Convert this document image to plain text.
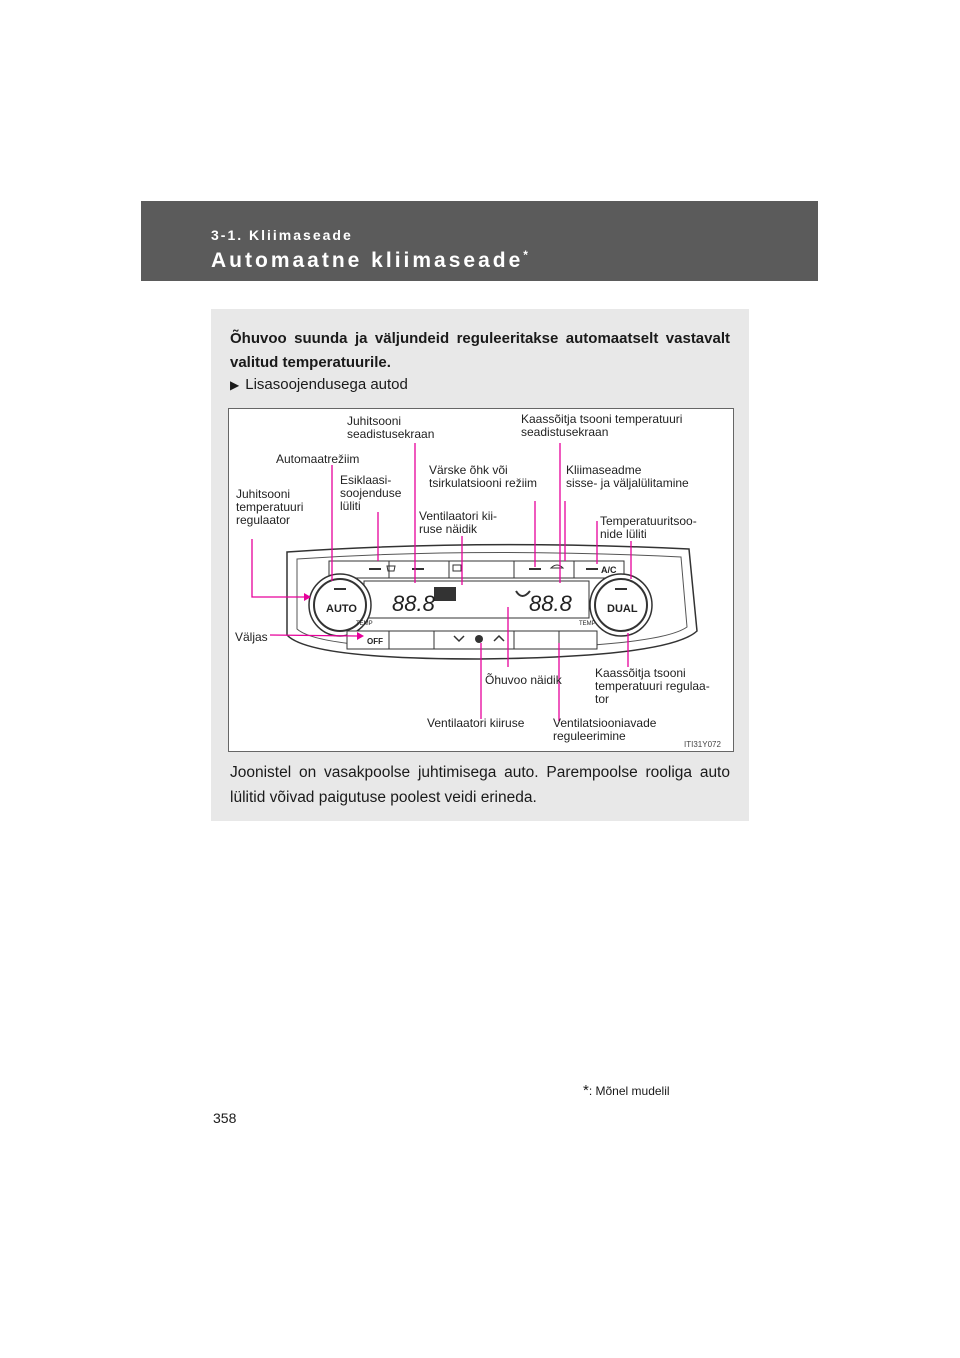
3-1. Kliimaseade
Automaatne kliimaseade*
Õhuvoo suunda ja väljundeid reguleeritakse automaatselt vastavalt valitud temperatuurile.
▶ Lisasoojendusega autod
AUTO	DUAL
A/C
OFF
TEMP	TEMP
88.8	88.8
ITI31Y072
Juhitsooni
seadistusekraan
Kaassõitja tsooni temperatuuri
seadistusekraan
Automaatrežiim
Esiklaasi-
soojenduse
lüliti
Värske õhk või
tsirkulatsiooni režiim
Kliimaseadme
sisse- ja väljalülitamine
Juhitsooni
temperatuuri
regulaator	Ventilaatori kii-
ruse näidik
Temperatuuritsoo-
nide lüliti
Väljas
Õhuvoo näidik	Kaassõitja tsooni
temperatuuri regulaa-
tor
Ventilaatori kiiruse Ventilatsiooniavade
reguleerimine
Joonistel on vasakpoolse juhtimisega auto. Parempoolse rooliga auto lülitid võivad paigutuse poolest veidi erineda.
*: Mõnel mudelil
358
